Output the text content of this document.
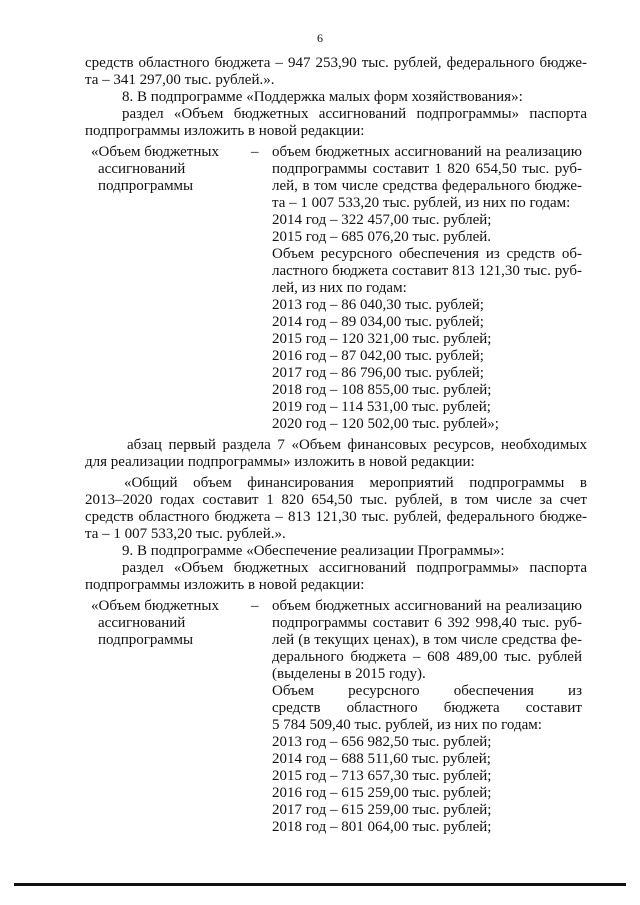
6
средств областного бюджета – 947 253,90 тыс. рублей, федерального бюдже-
та – 341 297,00 тыс. рублей.».
8. В подпрограмме «Поддержка малых форм хозяйствования»:
раздел «Объем бюджетных ассигнований подпрограммы» паспорта
подпрограммы изложить в новой редакции:
«Объем бюджетных
ассигнований
подпрограммы
– объем бюджетных ассигнований на реализацию
подпрограммы составит 1 820 654,50 тыс. руб-
лей, в том числе средства федерального бюдже-
та – 1 007 533,20 тыс. рублей, из них по годам:
2014 год – 322 457,00 тыс. рублей;
2015 год – 685 076,20 тыс. рублей.
Объем ресурсного обеспечения из средств об-
ластного бюджета составит 813 121,30 тыс. руб-
лей, из них по годам:
2013 год – 86 040,30 тыс. рублей;
2014 год – 89 034,00 тыс. рублей;
2015 год – 120 321,00 тыс. рублей;
2016 год – 87 042,00 тыс. рублей;
2017 год – 86 796,00 тыс. рублей;
2018 год – 108 855,00 тыс. рублей;
2019 год – 114 531,00 тыс. рублей;
2020 год – 120 502,00 тыс. рублей»;
абзац первый раздела 7 «Объем финансовых ресурсов, необходимых
для реализации подпрограммы» изложить в новой редакции:
«Общий объем финансирования мероприятий подпрограммы в
2013–2020 годах составит 1 820 654,50 тыс. рублей, в том числе за счет
средств областного бюджета – 813 121,30 тыс. рублей, федерального бюдже-
та – 1 007 533,20 тыс. рублей.».
9. В подпрограмме «Обеспечение реализации Программы»:
раздел «Объем бюджетных ассигнований подпрограммы» паспорта
подпрограммы изложить в новой редакции:
«Объем бюджетных
ассигнований
подпрограммы
– объем бюджетных ассигнований на реализацию
подпрограммы составит 6 392 998,40 тыс. руб-
лей (в текущих ценах), в том числе средства фе-
дерального бюджета – 608 489,00 тыс. рублей
(выделены в 2015 году).
Объем ресурсного обеспечения из
средств областного бюджета составит
5 784 509,40 тыс. рублей, из них по годам:
2013 год – 656 982,50 тыс. рублей;
2014 год – 688 511,60 тыс. рублей;
2015 год – 713 657,30 тыс. рублей;
2016 год – 615 259,00 тыс. рублей;
2017 год – 615 259,00 тыс. рублей;
2018 год – 801 064,00 тыс. рублей;
